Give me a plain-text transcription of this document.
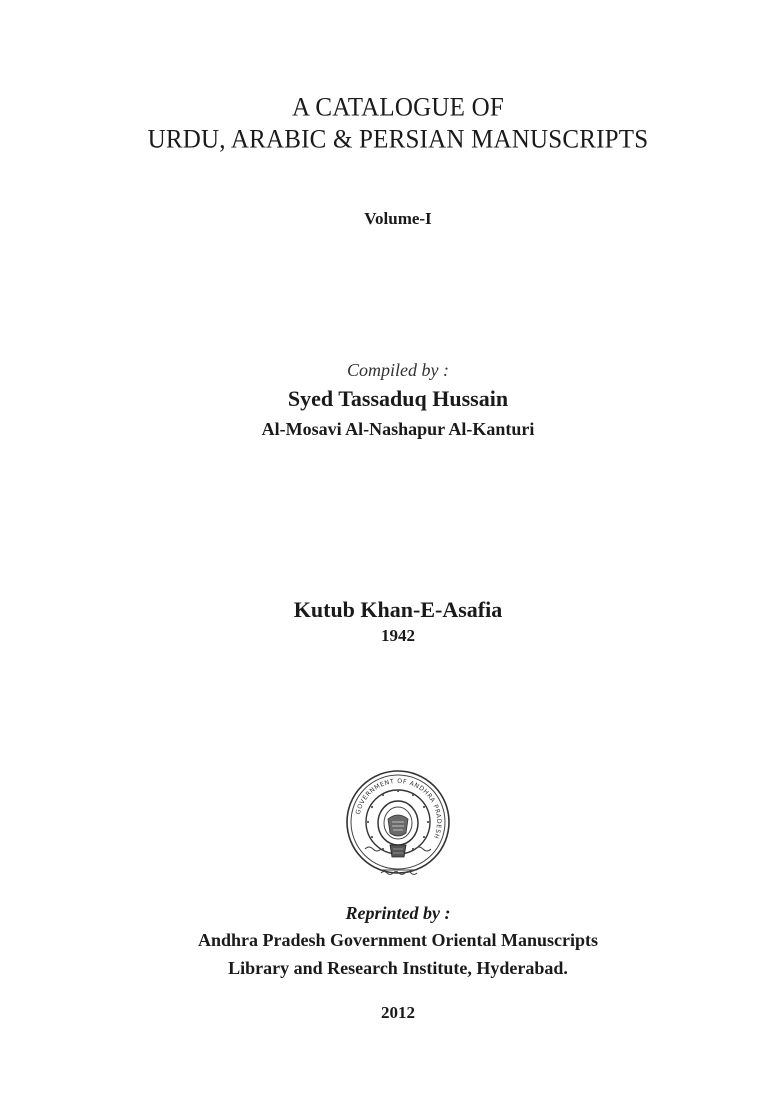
A CATALOGUE OF
URDU, ARABIC & PERSIAN MANUSCRIPTS
Volume-I
Compiled by :
Syed Tassaduq Hussain
Al-Mosavi Al-Nashapur Al-Kanturi
Kutub Khan-E-Asafia
1942
GOVERNMENT OF ANDHRA PRADESH
Reprinted by :
Andhra Pradesh Government Oriental Manuscripts
Library and Research Institute, Hyderabad.
2012
